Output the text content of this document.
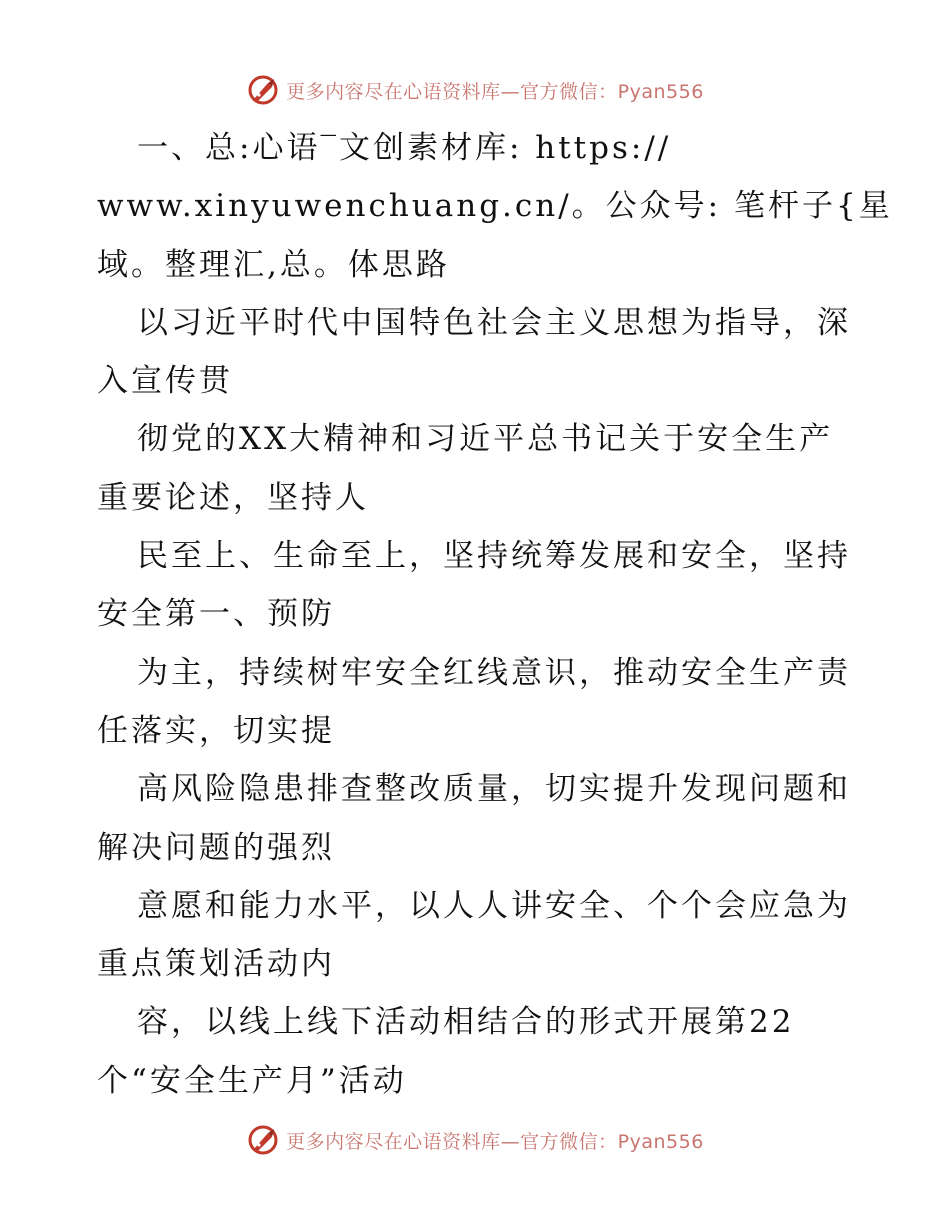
更多内容尽在心语资料库—官方微信：Pyan556
一、总:心语‾文创素材库: https://
www.xinyuwenchuang.cn/。公众号: 笔杆子{星
域。整理汇,总。体思路
以习近平时代中国特色社会主义思想为指导，深
入宣传贯
彻党的XX大精神和习近平总书记关于安全生产
重要论述，坚持人
民至上、生命至上，坚持统筹发展和安全，坚持
安全第一、预防
为主，持续树牢安全红线意识，推动安全生产责
任落实，切实提
高风险隐患排查整改质量，切实提升发现问题和
解决问题的强烈
意愿和能力水平，以人人讲安全、个个会应急为
重点策划活动内
容，以线上线下活动相结合的形式开展第22
个“安全生产月”活动
更多内容尽在心语资料库—官方微信：Pyan556
